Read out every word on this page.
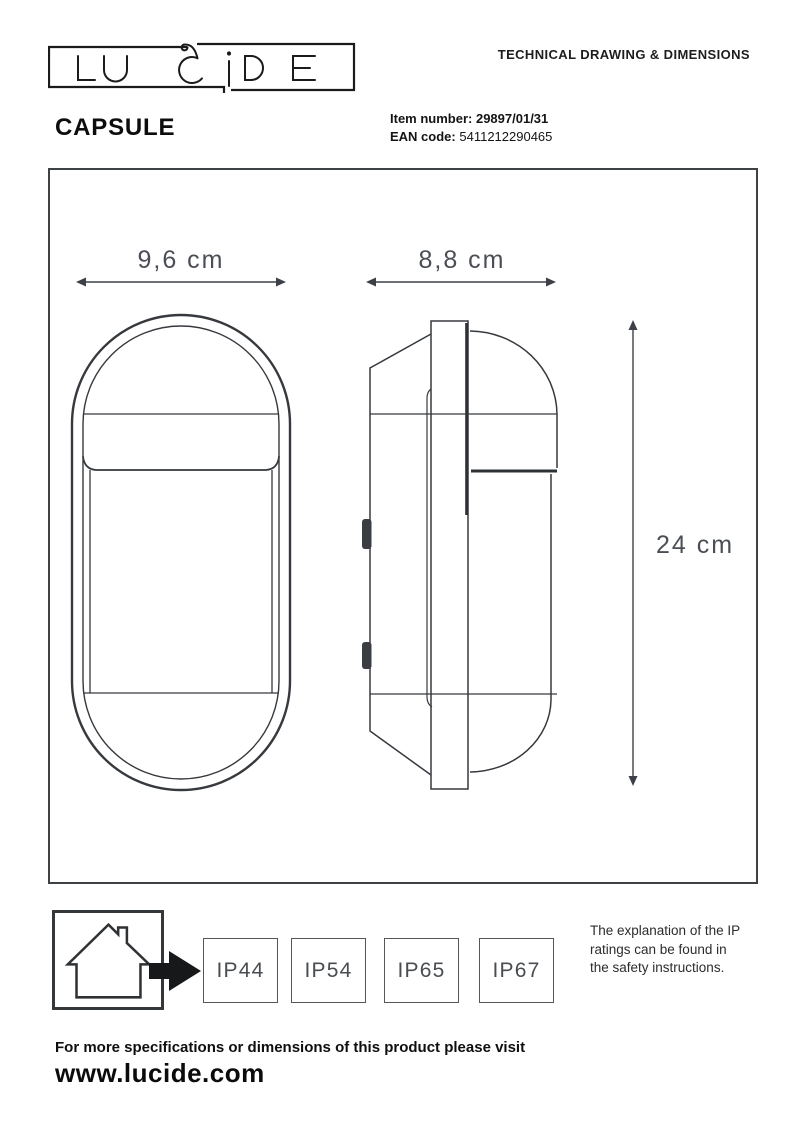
TECHNICAL DRAWING & DIMENSIONS
CAPSULE	Item number: 29897/01/31
EAN code: 5411212290465
9,6 cm	8,8 cm
24 cm
IP44	IP54	IP65	IP67
The explanation of the IP ratings can be found in the safety instructions.
For more specifications or dimensions of this product please visit
www.lucide.com
